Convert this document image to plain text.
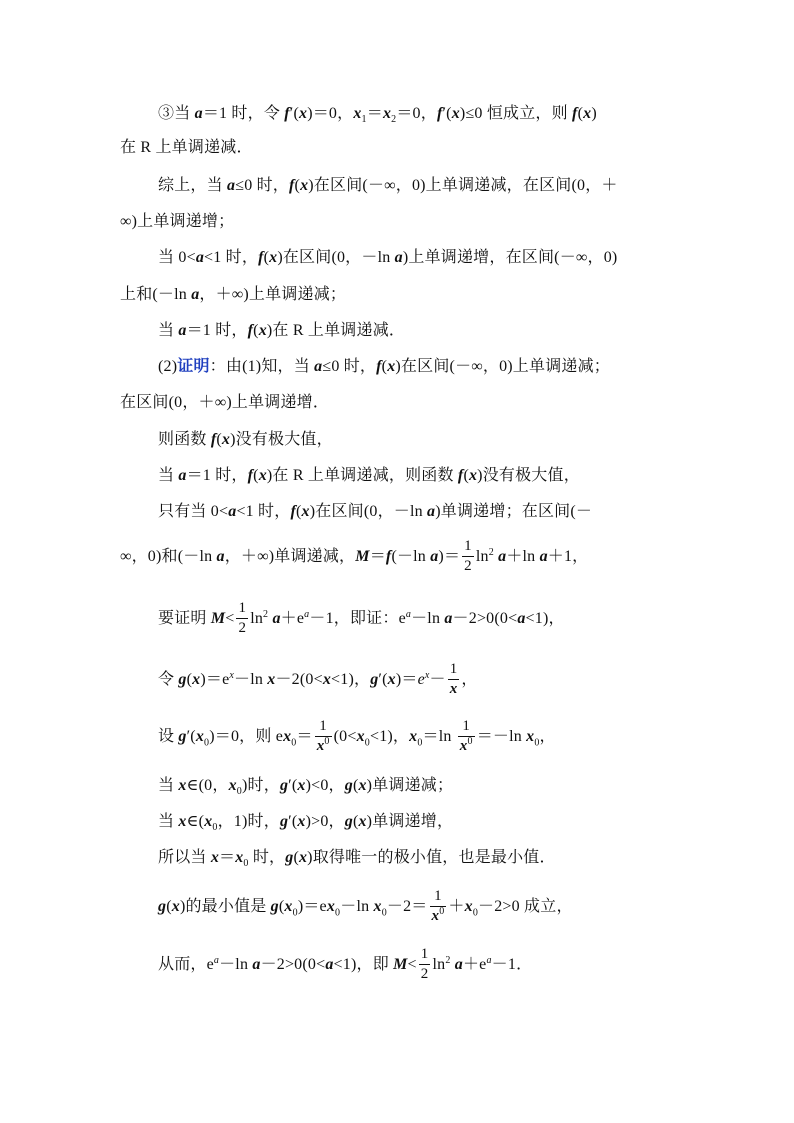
③当 a＝1 时，令 f′(x)＝0，$x_1=x_2=0$，f′(x)≤0 恒成立，则 f(x)
在 R 上单调递减．
综上，当 a≤0 时，f(x)在区间(－∞，0)上单调递减，在区间(0，＋
∞)上单调递增；
当 0<a<1 时，f(x)在区间(0，－ln a)上单调递增，在区间(－∞，0)
上和(－ln a，＋∞)上单调递减；
当 a＝1 时，f(x)在 R 上单调递减．
(2)证明：由(1)知，当 a≤0 时，f(x)在区间(－∞，0)上单调递减；
在区间(0，＋∞)上单调递增．
则函数 f(x)没有极大值，
当 a＝1 时，f(x)在 R 上单调递减，则函数 f(x)没有极大值，
只有当 0<a<1 时，f(x)在区间(0，－ln a)单调递增；在区间(－
∞，0)和(－ln a，＋∞)单调递减，M＝f(－ln $a)= \frac{1}{2} \ln^2 a+\ln$ a＋1，
要证明 $M< \frac{1}{2} \ln^2 a+e^a-1$，即证：$e^a-\ln$ a－2>0(0<a<1)，
令 $g(x)=e^x-\ln$ x－2(0<x<1)，$g'(x)=e^x- \frac{1}{x}$ ，
设 $g'(x_0)=0$，则 $ex_0= \frac{1}{x^0} (0<x_0<1)$，$x_0=\ln \frac{1}{x^0} =-\ln$ $x_0$，
当 x∈(0，$x_0$)时，g′(x)<0，g(x)单调递减；
当 $x\in(x_0$，1)时，g′(x)>0，g(x)单调递增，
所以当 $x=x_0$ 时，g(x)取得唯一的极小值，也是最小值．
g(x)的最小值是 $g(x_0)=ex_0-\ln$ $x_0-2= \frac{1}{x^0} +x_0-2>0$ 成立，
从而，$e^a-\ln$ a－2>0(0<a<1)，即 $M< \frac{1}{2} \ln^2 a+e^a-1$．
